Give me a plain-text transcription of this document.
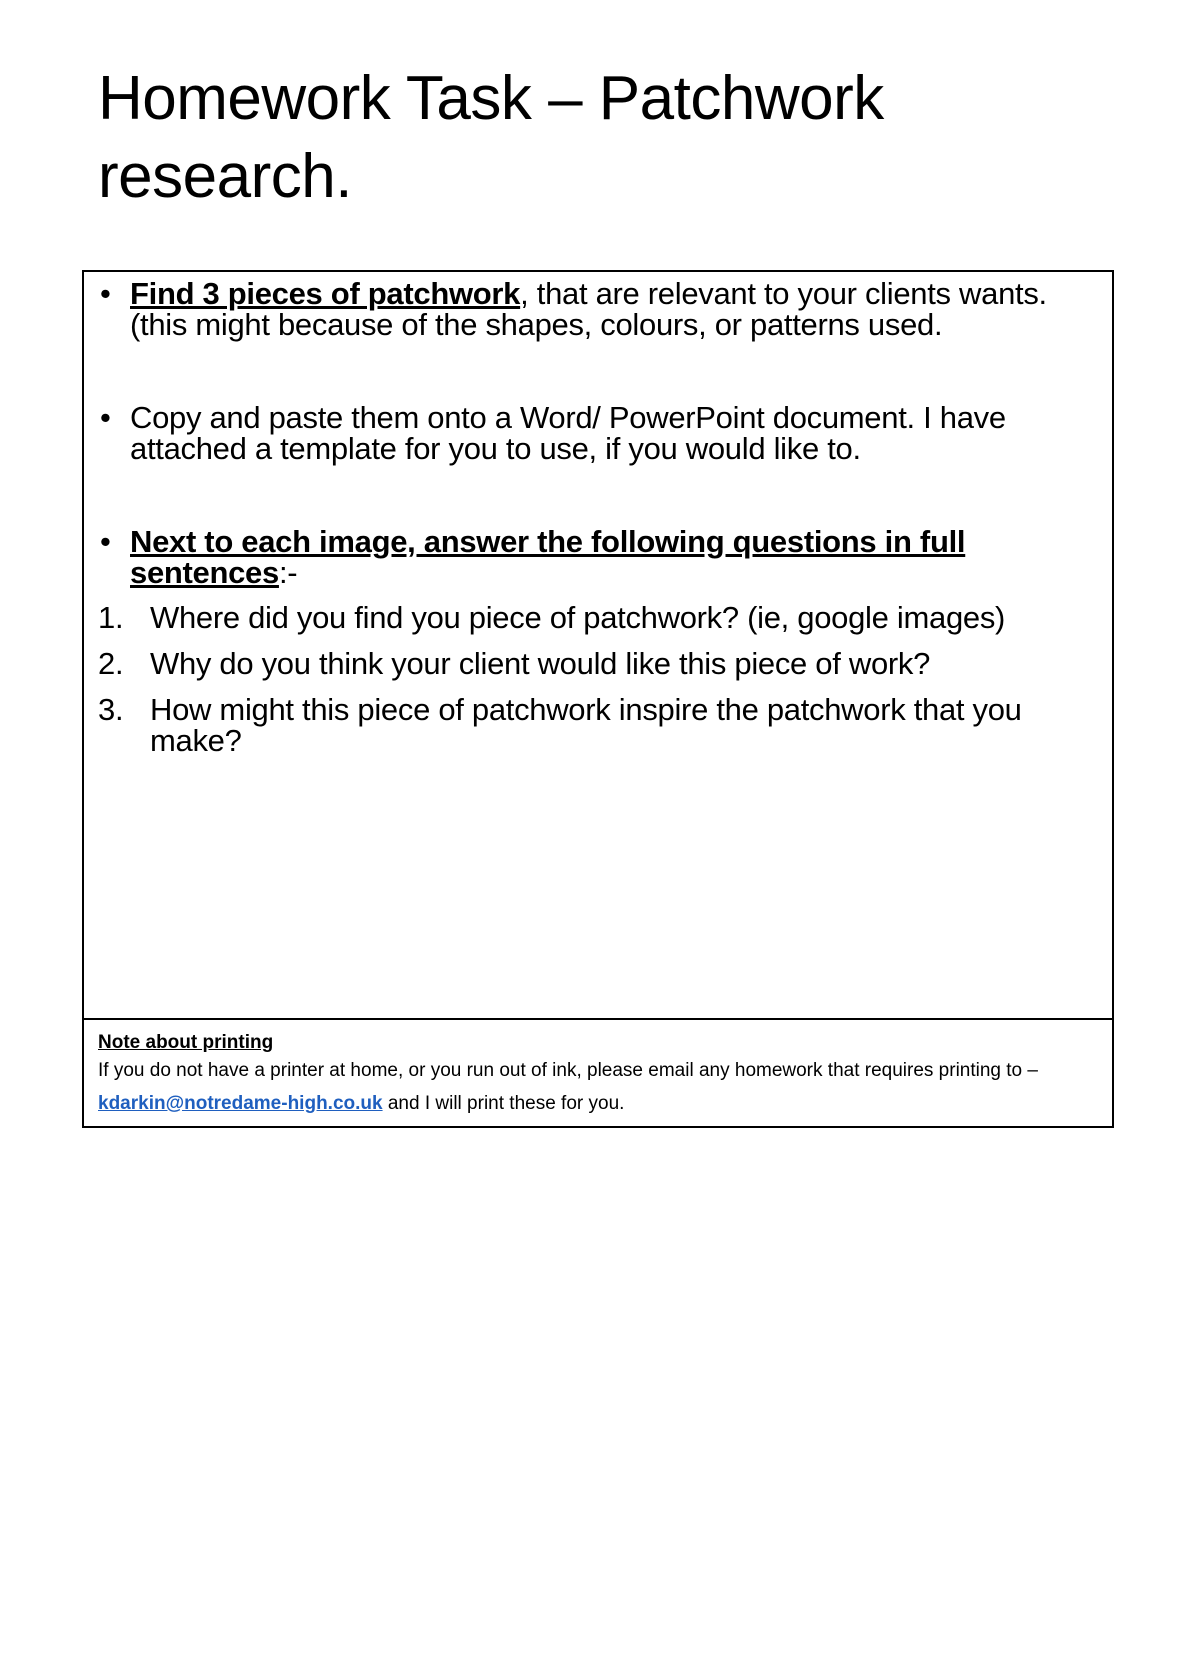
Homework Task – Patchwork
research.
• Find 3 pieces of patchwork, that are relevant to your clients wants. (this might because of the shapes, colours, or patterns used.
• Copy and paste them onto a Word/ PowerPoint document. I have attached a template for you to use, if you would like to.
• Next to each image, answer the following questions in full sentences:-
1. Where did you find you piece of patchwork? (ie, google images)
2. Why do you think your client would like this piece of work?
3. How might this piece of patchwork inspire the patchwork that you make?
Note about printing
If you do not have a printer at home, or you run out of ink, please email any homework that requires printing to – kdarkin@notredame-high.co.uk and I will print these for you.
